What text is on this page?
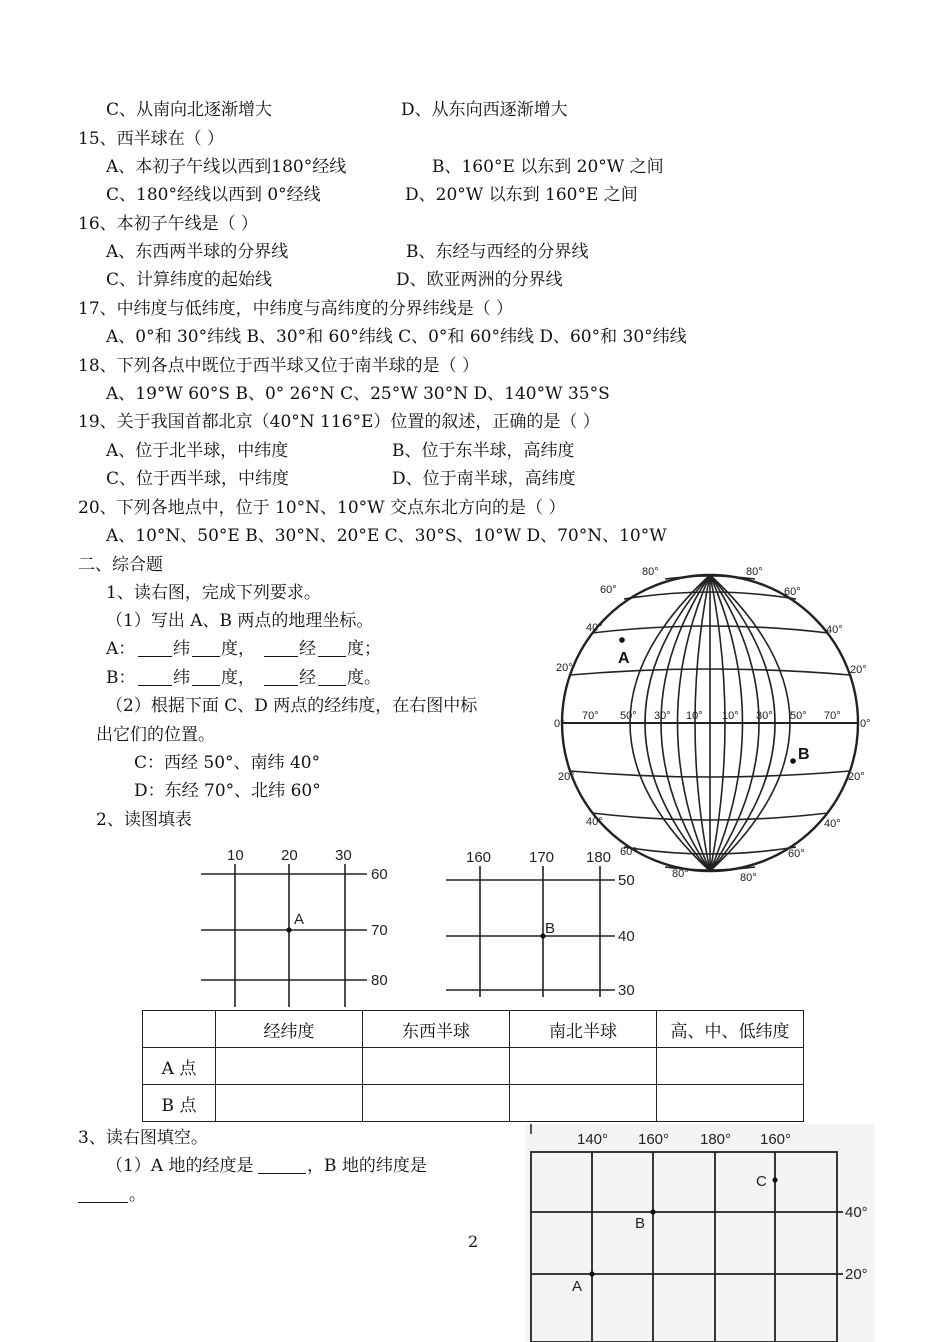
C、从南向北逐渐增大	D、从东向西逐渐增大
15、西半球在（ ）
A、本初子午线以西到180°经线	B、160°E 以东到 20°W 之间
C、180°经线以西到 0°经线	D、20°W 以东到 160°E 之间
16、本初子午线是（ ）
A、东西两半球的分界线	B、东经与西经的分界线
C、计算纬度的起始线	D、欧亚两洲的分界线
17、中纬度与低纬度，中纬度与高纬度的分界纬线是（ ）
A、0°和 30°纬线 B、30°和 60°纬线 C、0°和 60°纬线 D、60°和 30°纬线
18、下列各点中既位于西半球又位于南半球的是（ ）
A、19°W 60°S B、0° 26°N C、25°W 30°N D、140°W 35°S
19、关于我国首都北京（40°N 116°E）位置的叙述，正确的是（ ）
A、位于北半球，中纬度	B、位于东半球，高纬度
C、位于西半球，中纬度	D、位于南半球，高纬度
20、下列各地点中，位于 10°N、10°W 交点东北方向的是（ ）
A、10°N、50°E B、30°N、20°E C、30°S、10°W D、70°N、10°W
二、综合题
1、读右图，完成下列要求。
（1）写出 A、B 两点的地理坐标。
A： 纬 度，	经 度；
B： 纬 度，	经 度。
（2）根据下面 C、D 两点的经纬度，在右图中标
出它们的位置。
C：西经 50°、南纬 40°
D：东经 70°、北纬 60°
2、读图填表
80°
60°
40°
20°
0°
20°
40°
60°
80°
80°
60°
40°
20°
0°
20°
40°
60°
80°
70° 50° 30° 10° 10° 30° 50° 70°
A
B
10 20 30
60
70
80
A
160	170 180
50
40
30
B
	经纬度	东西半球	南北半球	高、中、低纬度
A 点				
B 点				
3、读右图填空。
（1）A 地的经度是	，B 地的纬度是
。
2
140° 160° 180° 160°
40°
20°
A
B
C
